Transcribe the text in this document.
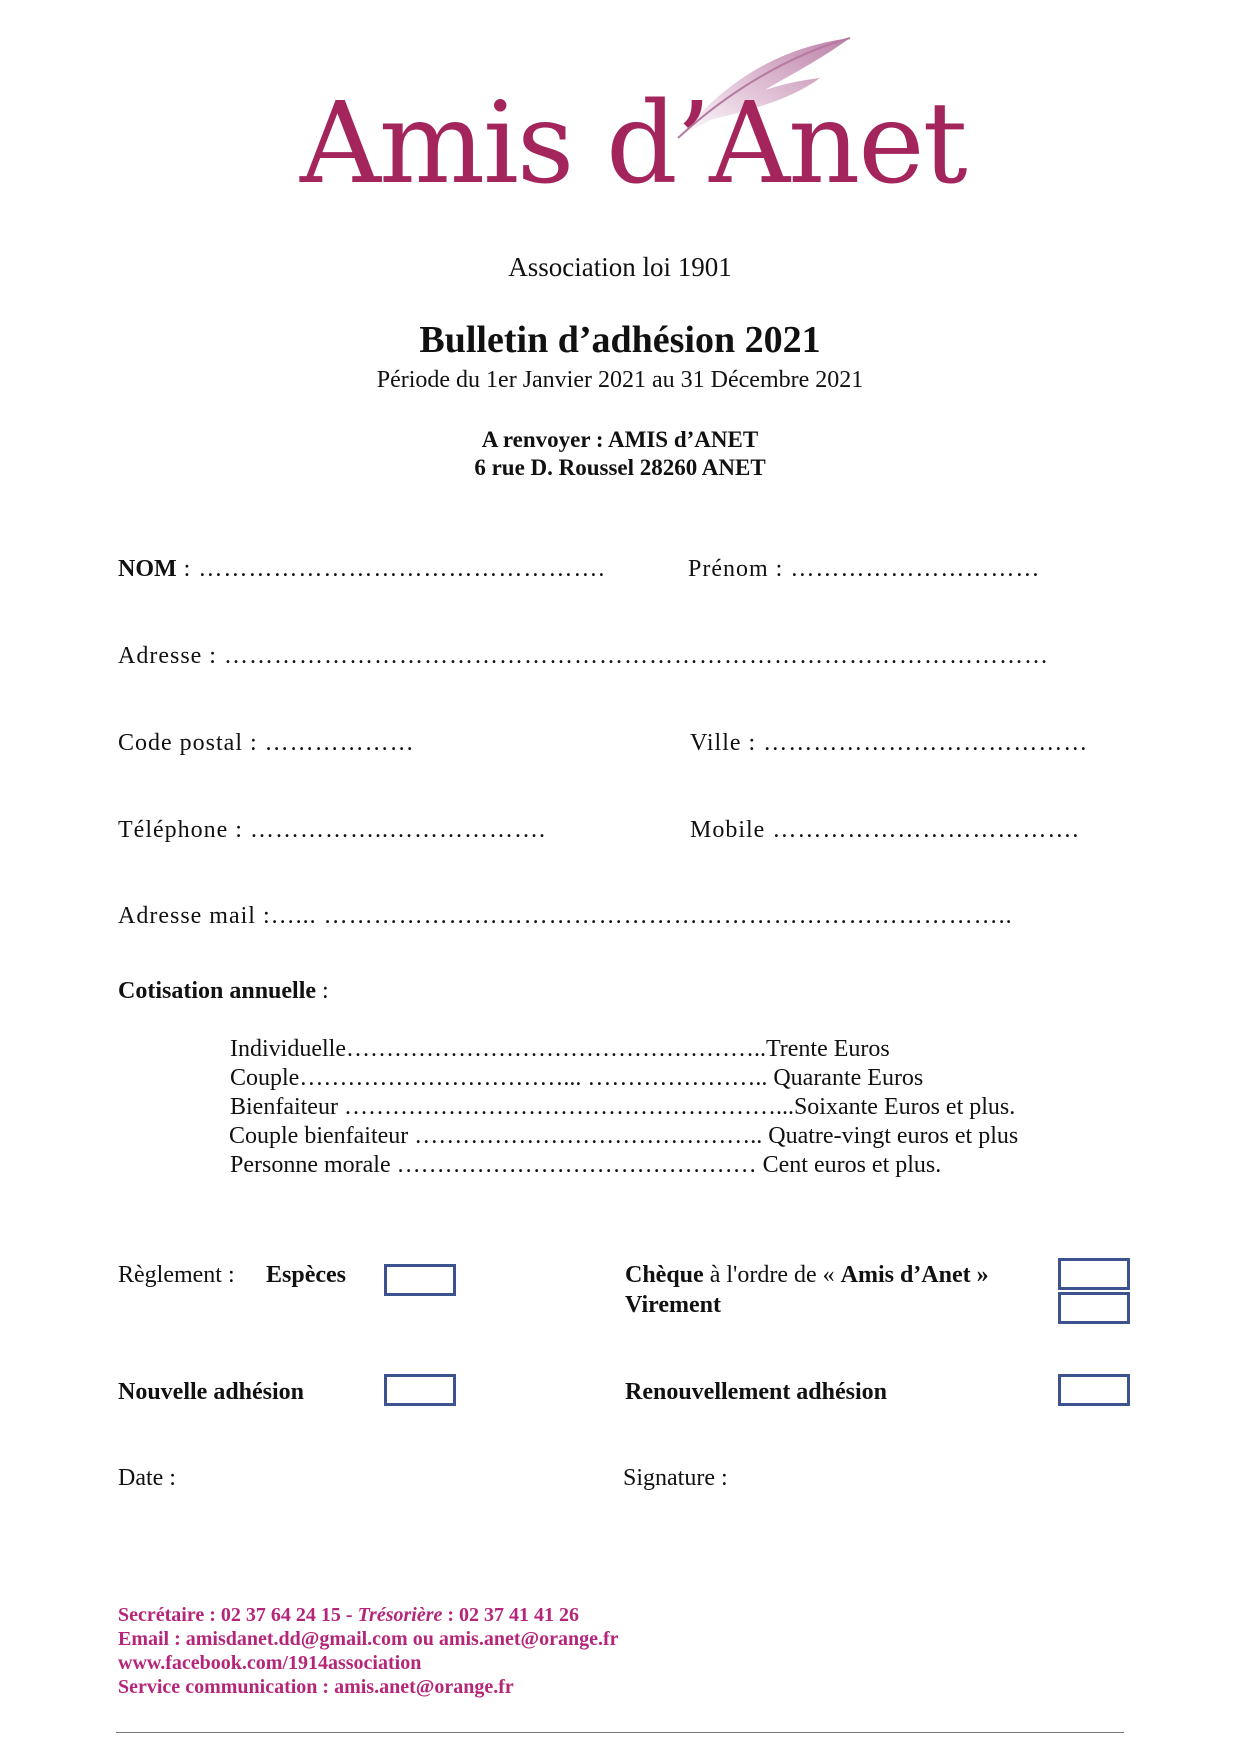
Amis d’Anet
Association loi 1901
Bulletin d’adhésion 2021
Période du 1er Janvier 2021 au 31 Décembre 2021
A renvoyer : AMIS d’ANET
6 rue D. Roussel 28260 ANET
NOM : ………………………………………….	Prénom : …………………………
Adresse : ………………………………………………………………………………………
Code postal : ………………	Ville : …………………………………
Téléphone : ……………..……………….	Mobile ……………………………….
Adresse mail :…... ………………………………………………………………………..
Cotisation annuelle :
Individuelle……………………………………………..Trente Euros
Couple……………………………... ………………….. Quarante Euros
Bienfaiteur ………………………………………………...Soixante Euros et plus.
Couple bienfaiteur …………………………………….. Quatre-vingt euros et plus
Personne morale ……………………………………… Cent euros et plus.
Règlement : Espèces	Chèque à l'ordre de « Amis d’Anet »
Virement
Nouvelle adhésion	Renouvellement adhésion
Date :	Signature :
Secrétaire : 02 37 64 24 15 - Trésorière : 02 37 41 41 26
Email : amisdanet.dd@gmail.com ou amis.anet@orange.fr
www.facebook.com/1914association
Service communication : amis.anet@orange.fr
